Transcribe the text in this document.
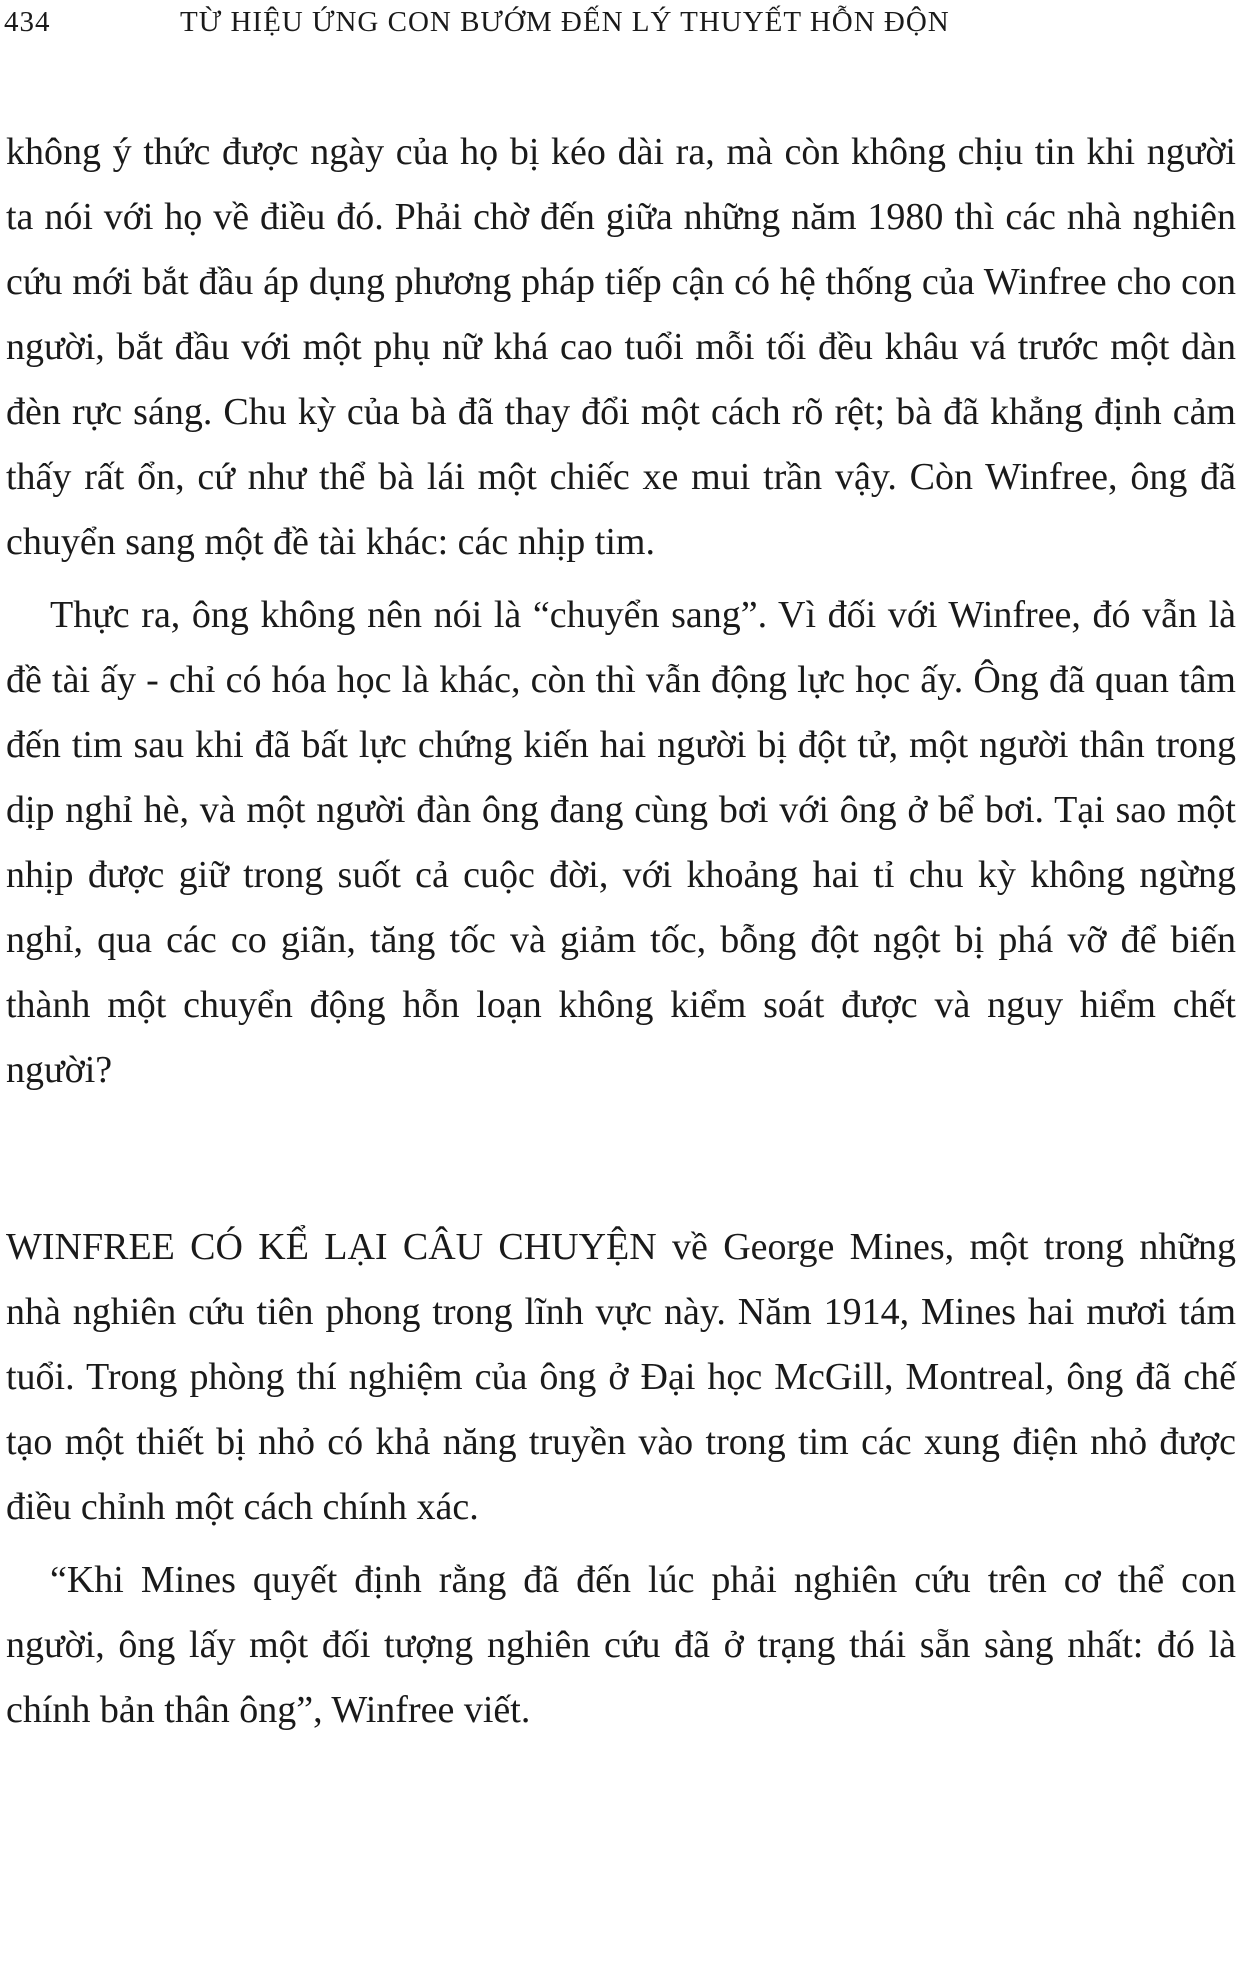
434	TỪ HIỆU ỨNG CON BƯỚM ĐẾN LÝ THUYẾT HỖN ĐỘN

không ý thức được ngày của họ bị kéo dài ra, mà còn không chịu tin khi người ta nói với họ về điều đó. Phải chờ đến giữa những năm 1980 thì các nhà nghiên cứu mới bắt đầu áp dụng phương pháp tiếp cận có hệ thống của Winfree cho con người, bắt đầu với một phụ nữ khá cao tuổi mỗi tối đều khâu vá trước một dàn đèn rực sáng. Chu kỳ của bà đã thay đổi một cách rõ rệt; bà đã khẳng định cảm thấy rất ổn, cứ như thể bà lái một chiếc xe mui trần vậy. Còn Winfree, ông đã chuyển sang một đề tài khác: các nhịp tim.

Thực ra, ông không nên nói là “chuyển sang”. Vì đối với Winfree, đó vẫn là đề tài ấy - chỉ có hóa học là khác, còn thì vẫn động lực học ấy. Ông đã quan tâm đến tim sau khi đã bất lực chứng kiến hai người bị đột tử, một người thân trong dịp nghỉ hè, và một người đàn ông đang cùng bơi với ông ở bể bơi. Tại sao một nhịp được giữ trong suốt cả cuộc đời, với khoảng hai tỉ chu kỳ không ngừng nghỉ, qua các co giãn, tăng tốc và giảm tốc, bỗng đột ngột bị phá vỡ để biến thành một chuyển động hỗn loạn không kiểm soát được và nguy hiểm chết người?

WINFREE CÓ KỂ LẠI CÂU CHUYỆN về George Mines, một trong những nhà nghiên cứu tiên phong trong lĩnh vực này. Năm 1914, Mines hai mươi tám tuổi. Trong phòng thí nghiệm của ông ở Đại học McGill, Montreal, ông đã chế tạo một thiết bị nhỏ có khả năng truyền vào trong tim các xung điện nhỏ được điều chỉnh một cách chính xác.

“Khi Mines quyết định rằng đã đến lúc phải nghiên cứu trên cơ thể con người, ông lấy một đối tượng nghiên cứu đã ở trạng thái sẵn sàng nhất: đó là chính bản thân ông”, Winfree viết.
